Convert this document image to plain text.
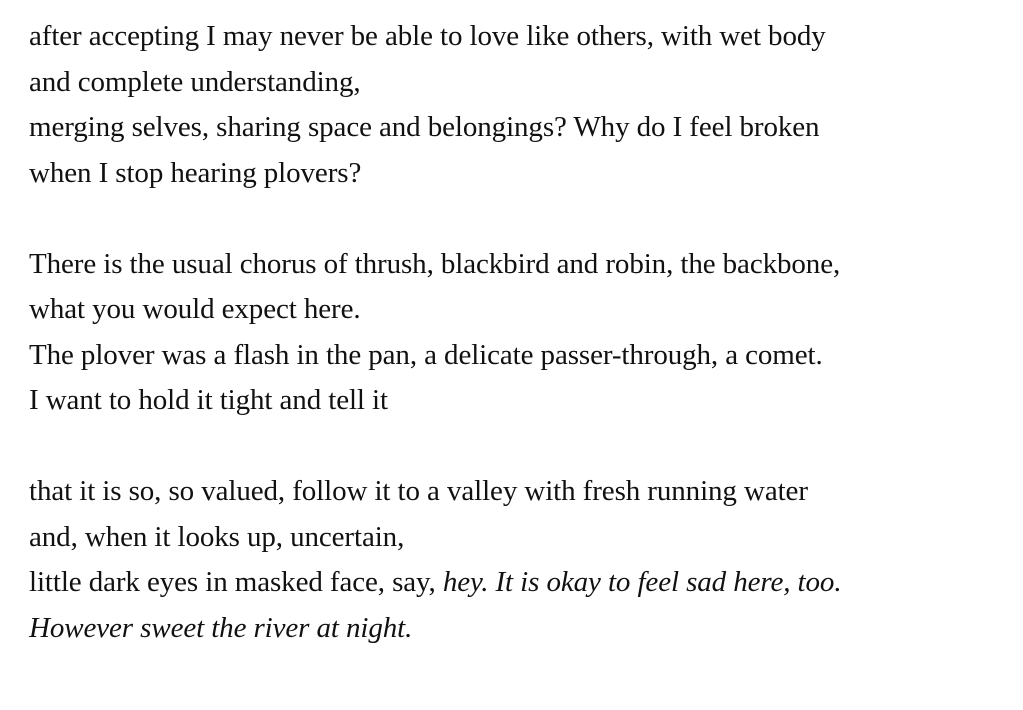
after accepting I may never be able to love like others, with wet body
and complete understanding,
merging selves, sharing space and belongings? Why do I feel broken
when I stop hearing plovers?
There is the usual chorus of thrush, blackbird and robin, the backbone,
what you would expect here.
The plover was a flash in the pan, a delicate passer-through, a comet.
I want to hold it tight and tell it
that it is so, so valued, follow it to a valley with fresh running water
and, when it looks up, uncertain,
little dark eyes in masked face, say, hey. It is okay to feel sad here, too.
However sweet the river at night.
